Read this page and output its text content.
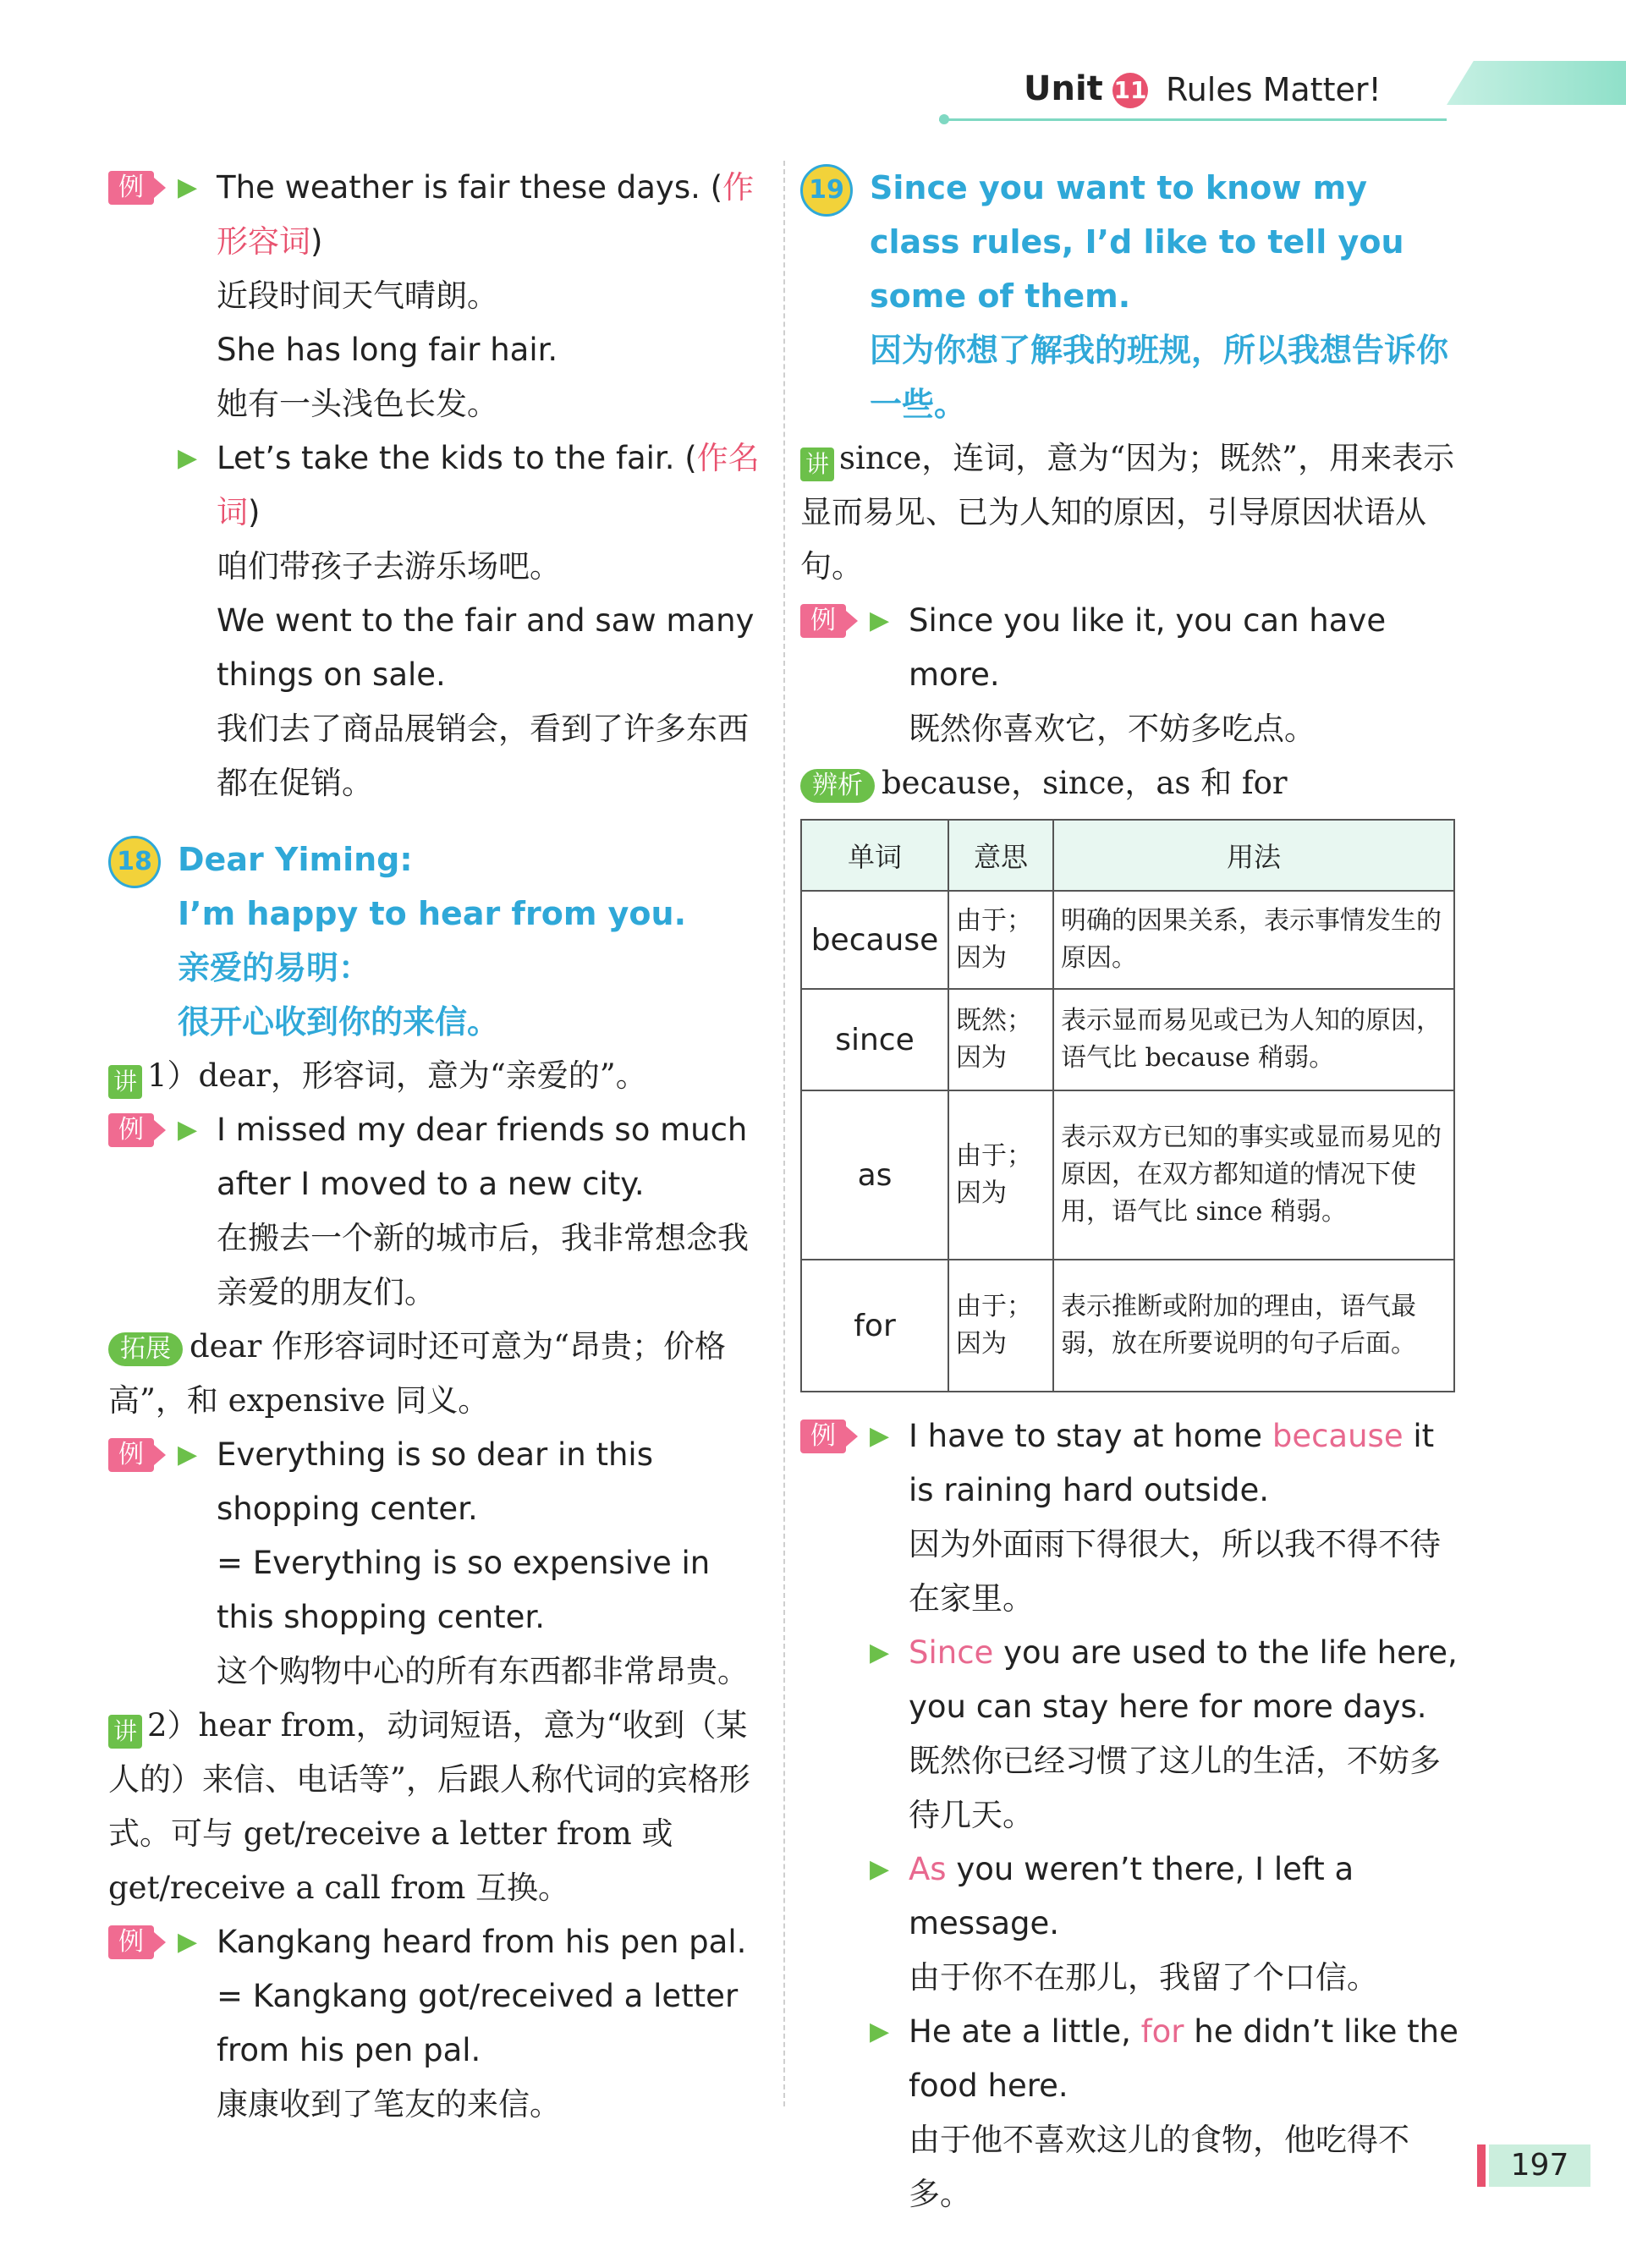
Unit 11 Rules Matter!
例	▶ The weather is fair these days. (作形容词)
近段时间天气晴朗。
She has long fair hair.
她有一头浅色长发。
▶ Let’s take the kids to the fair. (作名词)
咱们带孩子去游乐场吧。
We went to the fair and saw many things on sale.
我们去了商品展销会，看到了许多东西都在促销。
18 Dear Yiming:
I’m happy to hear from you.
亲爱的易明：
很开心收到你的来信。
讲 1）dear，形容词，意为“亲爱的”。
例	▶ I missed my dear friends so much after I moved to a new city.
在搬去一个新的城市后，我非常想念我亲爱的朋友们。
拓展 dear 作形容词时还可意为“昂贵；价格高”，和 expensive 同义。
例	▶ Everything is so dear in this shopping center.
= Everything is so expensive in this shopping center.
这个购物中心的所有东西都非常昂贵。
讲 2）hear from，动词短语，意为“收到（某人的）来信、电话等”，后跟人称代词的宾格形式。可与 get/receive a letter from 或 get/receive a call from 互换。
例	▶ Kangkang heard from his pen pal.
= Kangkang got/received a letter from his pen pal.
康康收到了笔友的来信。
19 Since you want to know my class rules, I’d like to tell you some of them.
因为你想了解我的班规，所以我想告诉你一些。
讲 since，连词，意为“因为；既然”，用来表示显而易见、已为人知的原因，引导原因状语从句。
例	▶ Since you like it, you can have more.
既然你喜欢它，不妨多吃点。
辨析 because，since，as 和 for
单词	意思	用法
because	由于；因为	明确的因果关系，表示事情发生的原因。
since	既然；因为	表示显而易见或已为人知的原因，语气比 because 稍弱。
as	由于；因为	表示双方已知的事实或显而易见的原因，在双方都知道的情况下使用，语气比 since 稍弱。
for	由于；因为	表示推断或附加的理由，语气最弱，放在所要说明的句子后面。
例	▶ I have to stay at home because it is raining hard outside.
因为外面雨下得很大，所以我不得不待在家里。
▶ Since you are used to the life here, you can stay here for more days.
既然你已经习惯了这儿的生活，不妨多待几天。
▶ As you weren’t there, I left a message.
由于你不在那儿，我留了个口信。
▶ He ate a little, for he didn’t like the food here.
由于他不喜欢这儿的食物，他吃得不多。
197
